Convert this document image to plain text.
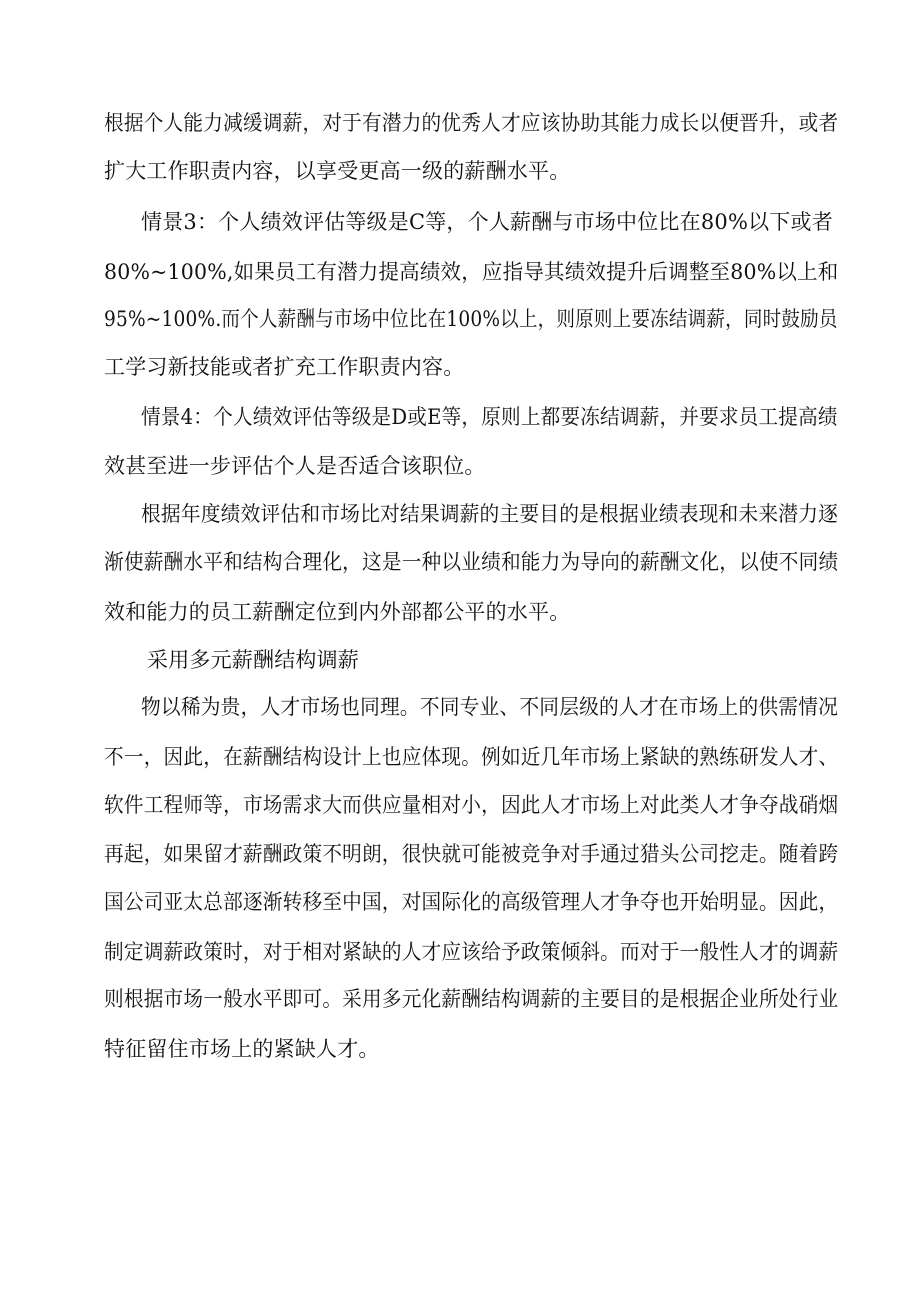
根据个人能力减缓调薪，对于有潜力的优秀人才应该协助其能力成长以便晋升，或者
扩大工作职责内容，以享受更高一级的薪酬水平。
情景3：个人绩效评估等级是C等，个人薪酬与市场中位比在80%以下或者
80%~100%,如果员工有潜力提高绩效，应指导其绩效提升后调整至80%以上和
95%~100%.而个人薪酬与市场中位比在100%以上，则原则上要冻结调薪，同时鼓励员
工学习新技能或者扩充工作职责内容。
情景4：个人绩效评估等级是D或E等，原则上都要冻结调薪，并要求员工提高绩
效甚至进一步评估个人是否适合该职位。
根据年度绩效评估和市场比对结果调薪的主要目的是根据业绩表现和未来潜力逐
渐使薪酬水平和结构合理化，这是一种以业绩和能力为导向的薪酬文化，以使不同绩
效和能力的员工薪酬定位到内外部都公平的水平。
采用多元薪酬结构调薪
物以稀为贵，人才市场也同理。不同专业、不同层级的人才在市场上的供需情况
不一，因此，在薪酬结构设计上也应体现。例如近几年市场上紧缺的熟练研发人才、
软件工程师等，市场需求大而供应量相对小，因此人才市场上对此类人才争夺战硝烟
再起，如果留才薪酬政策不明朗，很快就可能被竞争对手通过猎头公司挖走。随着跨
国公司亚太总部逐渐转移至中国，对国际化的高级管理人才争夺也开始明显。因此，
制定调薪政策时，对于相对紧缺的人才应该给予政策倾斜。而对于一般性人才的调薪
则根据市场一般水平即可。采用多元化薪酬结构调薪的主要目的是根据企业所处行业
特征留住市场上的紧缺人才。
